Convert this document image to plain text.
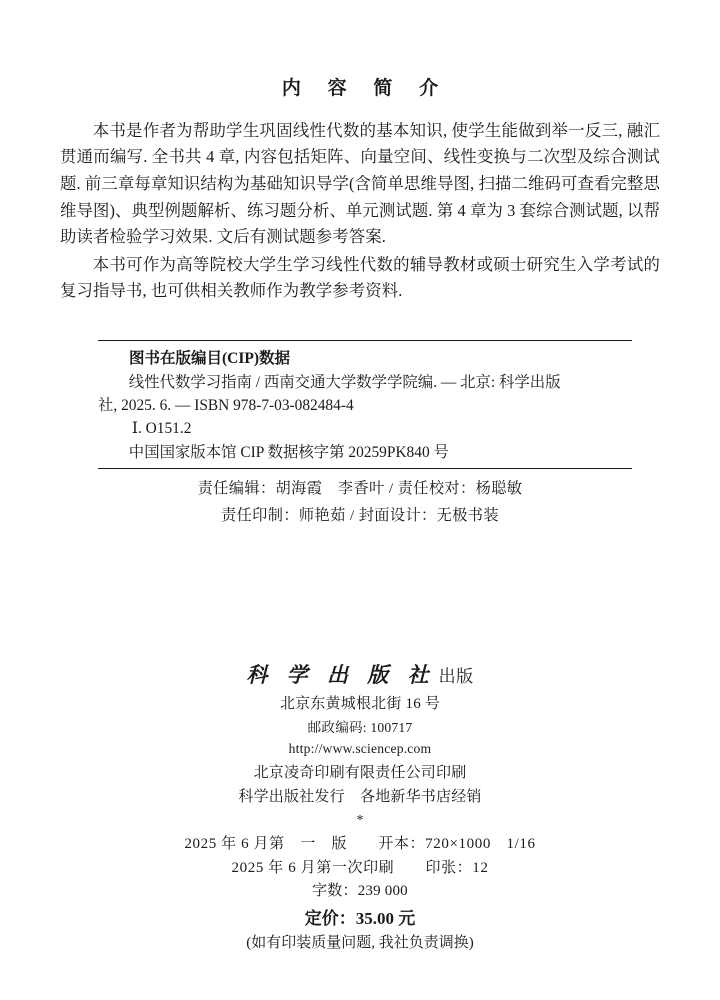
内 容 简 介

本书是作者为帮助学生巩固线性代数的基本知识, 使学生能做到举一反三, 融汇贯通而编写. 全书共 4 章, 内容包括矩阵、向量空间、线性变换与二次型及综合测试题. 前三章每章知识结构为基础知识导学(含简单思维导图, 扫描二维码可查看完整思维导图)、典型例题解析、练习题分析、单元测试题. 第 4 章为 3 套综合测试题, 以帮助读者检验学习效果. 文后有测试题参考答案.

本书可作为高等院校大学生学习线性代数的辅导教材或硕士研究生入学考试的复习指导书, 也可供相关教师作为教学参考资料.

图书在版编目(CIP)数据
线性代数学习指南 / 西南交通大学数学学院编. — 北京: 科学出版
社, 2025. 6. — ISBN 978-7-03-082484-4
Ⅰ. O151.2
中国国家版本馆 CIP 数据核字第 20259PK840 号
责任编辑：胡海霞　李香叶 / 责任校对：杨聪敏
责任印制：师艳茹 / 封面设计：无极书装
科 学 出 版 社 出版
北京东黄城根北街 16 号
邮政编码: 100717
http://www.sciencep.com
北京凌奇印刷有限责任公司印刷
科学出版社发行　各地新华书店经销
*
2025 年 6 月第　一　版　　开本：720×1000　1/16
2025 年 6 月第一次印刷　　印张：12
字数：239 000
定价：35.00 元
(如有印装质量问题, 我社负责调换)
